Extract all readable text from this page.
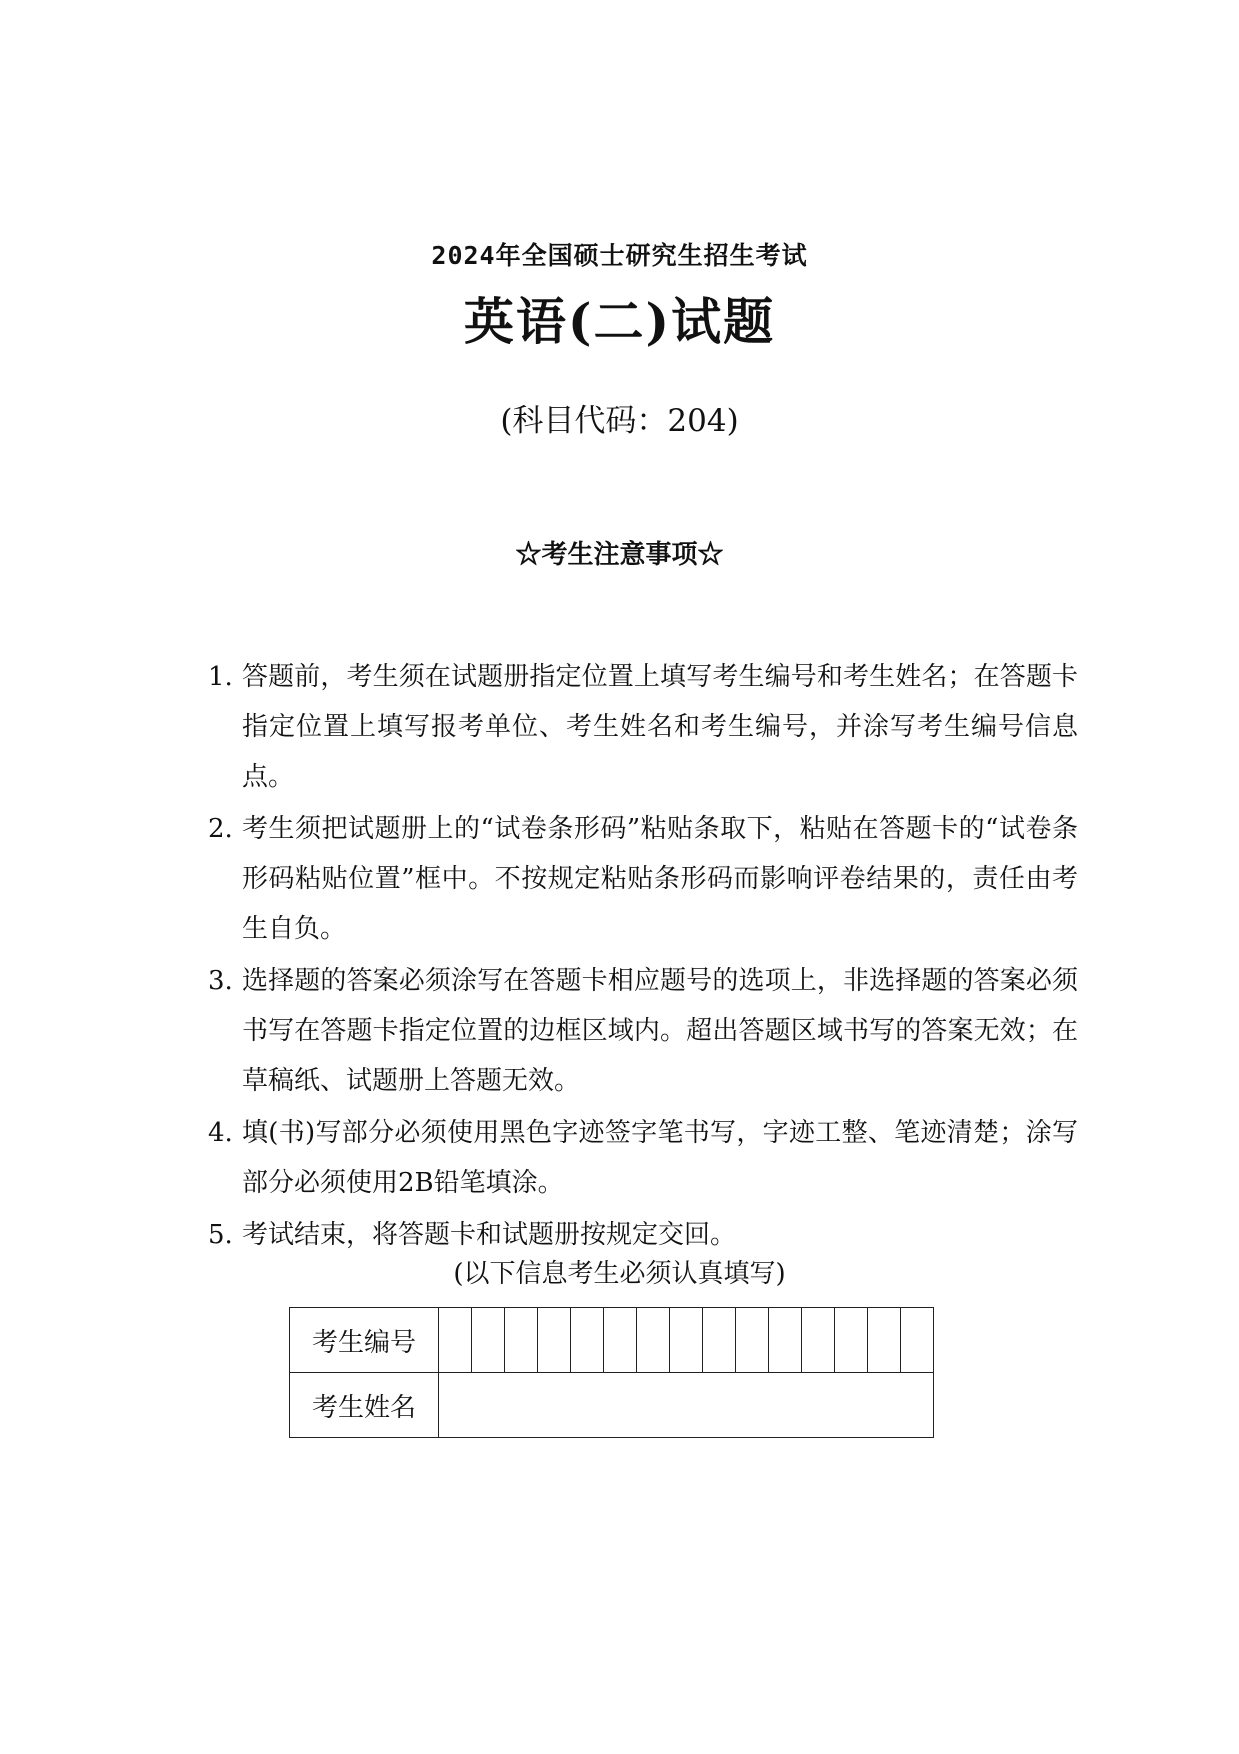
2024年全国硕士研究生招生考试
英语(二)试题
(科目代码：204)
☆考生注意事项☆
1. 答题前，考生须在试题册指定位置上填写考生编号和考生姓名；在答题卡指定位置上填写报考单位、考生姓名和考生编号，并涂写考生编号信息点。
2. 考生须把试题册上的“试卷条形码”粘贴条取下，粘贴在答题卡的“试卷条形码粘贴位置”框中。不按规定粘贴条形码而影响评卷结果的，责任由考生自负。
3. 选择题的答案必须涂写在答题卡相应题号的选项上，非选择题的答案必须书写在答题卡指定位置的边框区域内。超出答题区域书写的答案无效；在草稿纸、试题册上答题无效。
4. 填(书)写部分必须使用黑色字迹签字笔书写，字迹工整、笔迹清楚；涂写部分必须使用2B铅笔填涂。
5. 考试结束，将答题卡和试题册按规定交回。
(以下信息考生必须认真填写)
考生编号															
考生姓名															
